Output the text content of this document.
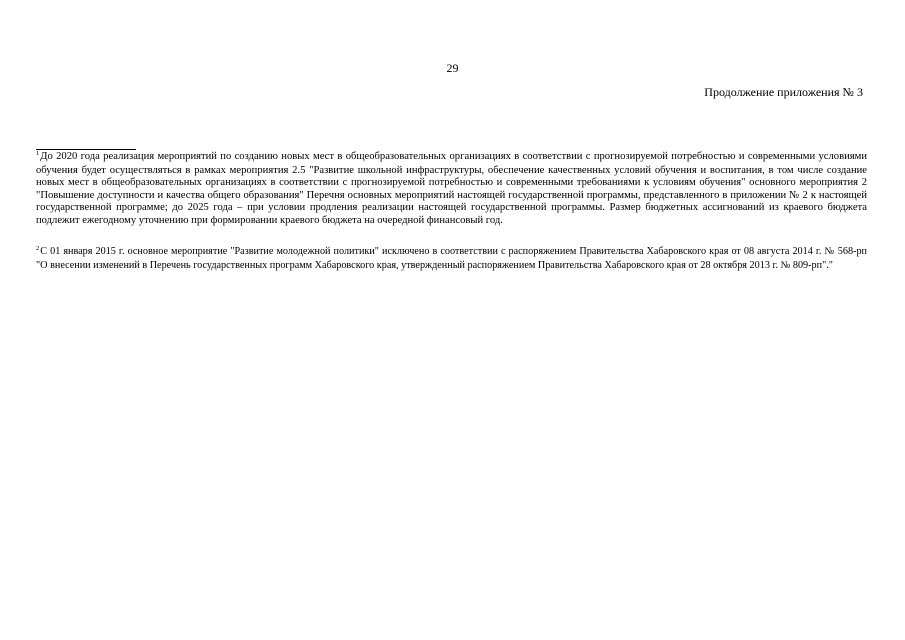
29
Продолжение приложения № 3
$^1$До 2020 года реализация мероприятий по созданию новых мест в общеобразовательных организациях в соответствии с прогнозируемой потребностью и современными условиями обучения будет осуществляться в рамках мероприятия 2.5 "Развитие школьной инфраструктуры, обеспечение качественных условий обучения и воспитания, в том числе создание новых мест в общеобразовательных организациях в соответствии с прогнозируемой потребностью и современными требованиями к условиям обучения" основного мероприятия 2 "Повышение доступности и качества общего образования" Перечня основных мероприятий настоящей государственной программы, представленного в приложении № 2 к настоящей государственной программе; до 2025 года – при условии продления реализации настоящей государственной программы. Размер бюджетных ассигнований из краевого бюджета подлежит ежегодному уточнению при формировании краевого бюджета на очередной финансовый год.
$^2$С 01 января 2015 г. основное мероприятие "Развитие молодежной политики" исключено в соответствии с распоряжением Правительства Хабаровского края от 08 августа 2014 г. № 568-рп "О внесении изменений в Перечень государственных программ Хабаровского края, утвержденный распоряжением Правительства Хабаровского края от 28 октября 2013 г. № 809-рп"."
